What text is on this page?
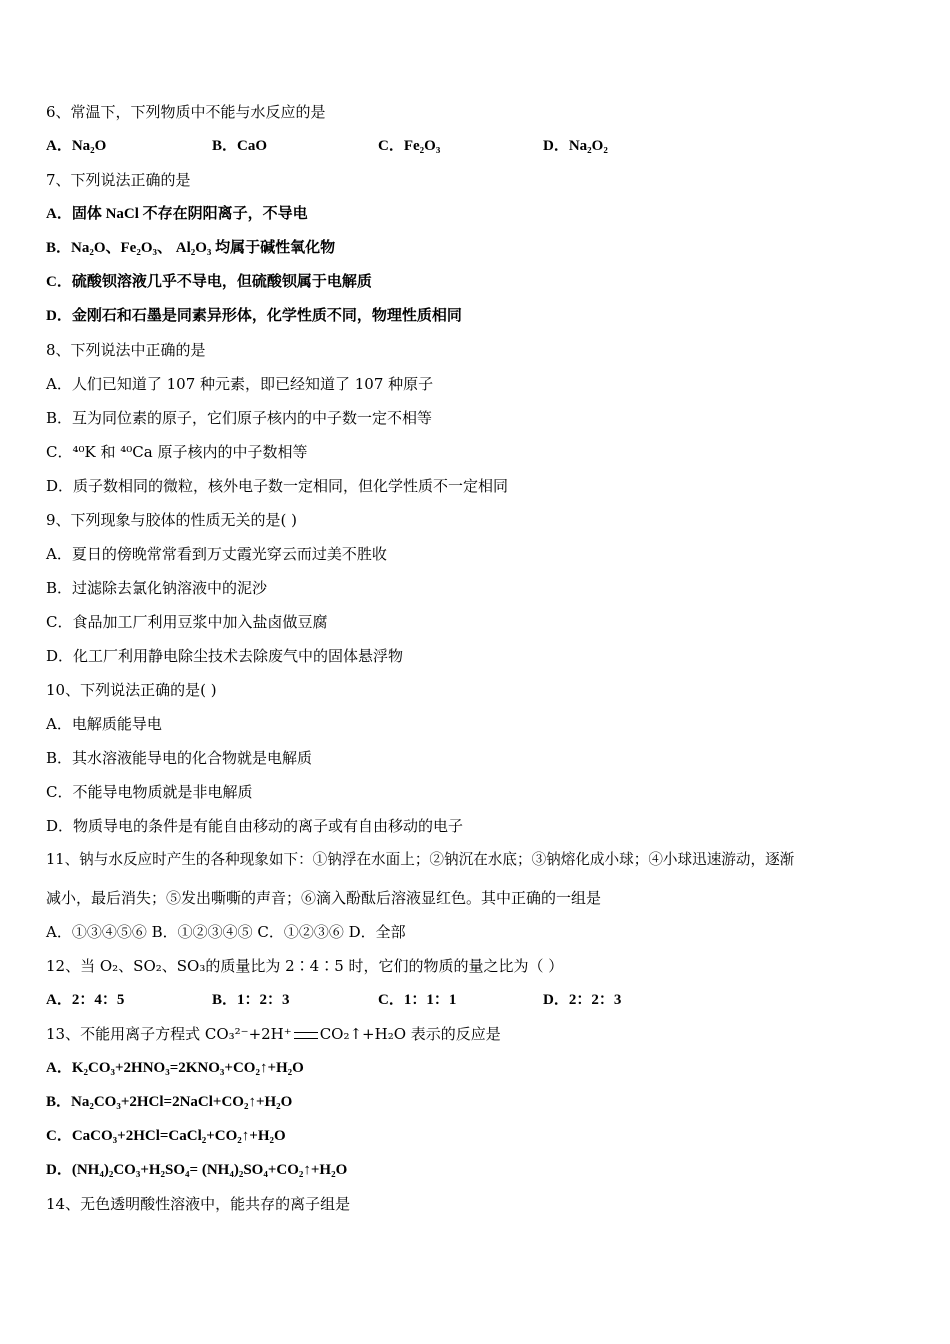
6、常温下，下列物质中不能与水反应的是
A．Na₂O	B．CaO	C．Fe₂O₃	D．Na₂O₂
7、下列说法正确的是
A．固体 NaCl 不存在阴阳离子，不导电
B．Na₂O、Fe₂O₃、 Al₂O₃ 均属于碱性氧化物
C．硫酸钡溶液几乎不导电，但硫酸钡属于电解质
D．金刚石和石墨是同素异形体，化学性质不同，物理性质相同
8、下列说法中正确的是
A．人们已知道了 107 种元素，即已经知道了 107 种原子
B．互为同位素的原子，它们原子核内的中子数一定不相等
C．⁴⁰K 和 ⁴⁰Ca 原子核内的中子数相等
D．质子数相同的微粒，核外电子数一定相同，但化学性质不一定相同
9、下列现象与胶体的性质无关的是( )
A．夏日的傍晚常常看到万丈霞光穿云而过美不胜收
B．过滤除去氯化钠溶液中的泥沙
C．食品加工厂利用豆浆中加入盐卤做豆腐
D．化工厂利用静电除尘技术去除废气中的固体悬浮物
10、下列说法正确的是( )
A．电解质能导电
B．其水溶液能导电的化合物就是电解质
C．不能导电物质就是非电解质
D．物质导电的条件是有能自由移动的离子或有自由移动的电子
11、钠与水反应时产生的各种现象如下：①钠浮在水面上；②钠沉在水底；③钠熔化成小球；④小球迅速游动，逐渐
减小，最后消失；⑤发出嘶嘶的声音；⑥滴入酚酞后溶液显红色。其中正确的一组是
A．①③④⑤⑥ B．①②③④⑤ C．①②③⑥ D．全部
12、当 O₂、SO₂、SO₃的质量比为 2∶4∶5 时，它们的物质的量之比为（ ）
A．2：4：5	B．1：2：3	C．1：1：1	D．2：2：3
13、不能用离子方程式 CO₃²⁻+2H⁺ CO₂↑+H₂O 表示的反应是
A．K₂CO₃+2HNO₃=2KNO₃+CO₂↑+H₂O
B．Na₂CO₃+2HCl=2NaCl+CO₂↑+H₂O
C．CaCO₃+2HCl=CaCl₂+CO₂↑+H₂O
D．(NH₄)₂CO₃+H₂SO₄= (NH₄)₂SO₄+CO₂↑+H₂O
14、无色透明酸性溶液中，能共存的离子组是
